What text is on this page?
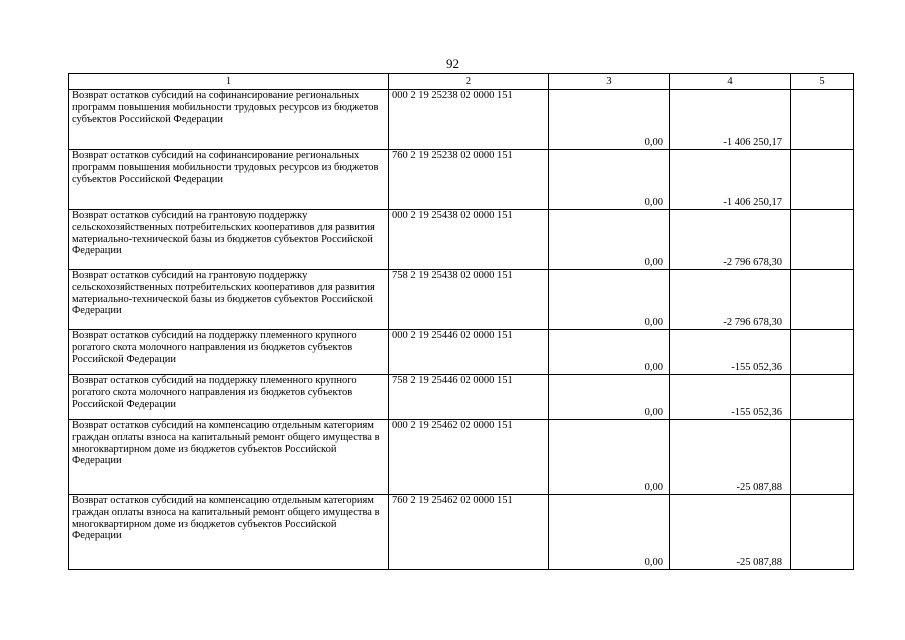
92
1	2	3	4	5
Возврат остатков субсидий на софинансирование региональных программ повышения мобильности трудовых ресурсов из бюджетов субъектов Российской Федерации	000 2 19 25238 02 0000 151	0,00	-1 406 250,17	
Возврат остатков субсидий на софинансирование региональных программ повышения мобильности трудовых ресурсов из бюджетов субъектов Российской Федерации	760 2 19 25238 02 0000 151	0,00	-1 406 250,17	
Возврат остатков субсидий на грантовую поддержку сельскохозяйственных потребительских кооперативов для развития материально-технической базы из бюджетов субъектов Российской Федерации	000 2 19 25438 02 0000 151	0,00	-2 796 678,30	
Возврат остатков субсидий на грантовую поддержку сельскохозяйственных потребительских кооперативов для развития материально-технической базы из бюджетов субъектов Российской Федерации	758 2 19 25438 02 0000 151	0,00	-2 796 678,30	
Возврат остатков субсидий на поддержку племенного крупного рогатого скота молочного направления из бюджетов субъектов Российской Федерации	000 2 19 25446 02 0000 151	0,00	-155 052,36	
Возврат остатков субсидий на поддержку племенного крупного рогатого скота молочного направления из бюджетов субъектов Российской Федерации	758 2 19 25446 02 0000 151	0,00	-155 052,36	
Возврат остатков субсидий на компенсацию отдельным категориям граждан оплаты взноса на капитальный ремонт общего имущества в многоквартирном доме из бюджетов субъектов Российской Федерации	000 2 19 25462 02 0000 151	0,00	-25 087,88	
Возврат остатков субсидий на компенсацию отдельным категориям граждан оплаты взноса на капитальный ремонт общего имущества в многоквартирном доме из бюджетов субъектов Российской Федерации	760 2 19 25462 02 0000 151	0,00	-25 087,88	
